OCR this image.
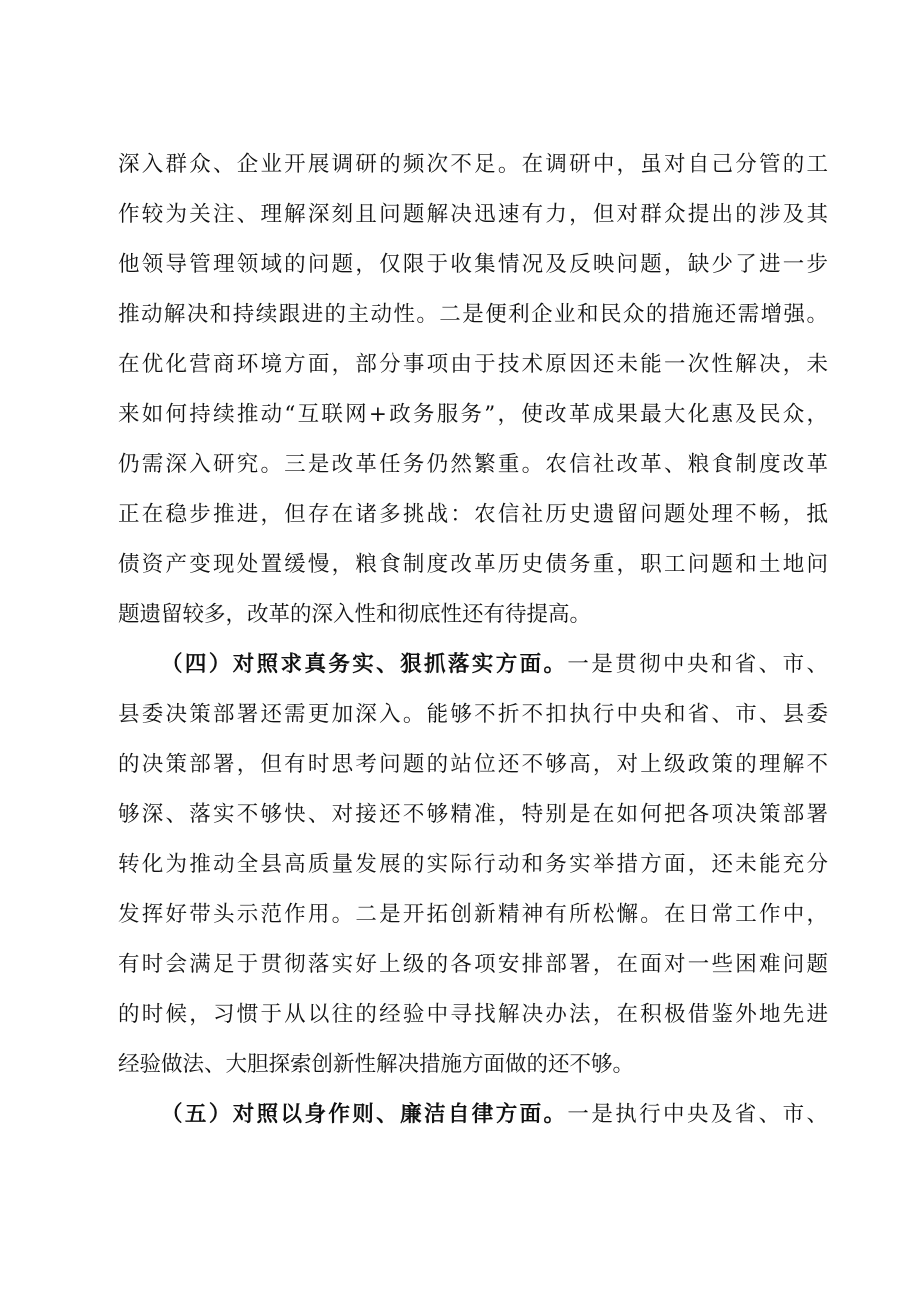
深入群众、企业开展调研的频次不足。在调研中，虽对自己分管的工
作较为关注、理解深刻且问题解决迅速有力，但对群众提出的涉及其
他领导管理领域的问题，仅限于收集情况及反映问题，缺少了进一步
推动解决和持续跟进的主动性。二是便利企业和民众的措施还需增强。
在优化营商环境方面，部分事项由于技术原因还未能一次性解决，未
来如何持续推动“互联网+政务服务”，使改革成果最大化惠及民众，
仍需深入研究。三是改革任务仍然繁重。农信社改革、粮食制度改革
正在稳步推进，但存在诸多挑战：农信社历史遗留问题处理不畅，抵
债资产变现处置缓慢，粮食制度改革历史债务重，职工问题和土地问
题遗留较多，改革的深入性和彻底性还有待提高。
（四）对照求真务实、狠抓落实方面。一是贯彻中央和省、市、
县委决策部署还需更加深入。能够不折不扣执行中央和省、市、县委
的决策部署，但有时思考问题的站位还不够高，对上级政策的理解不
够深、落实不够快、对接还不够精准，特别是在如何把各项决策部署
转化为推动全县高质量发展的实际行动和务实举措方面，还未能充分
发挥好带头示范作用。二是开拓创新精神有所松懈。在日常工作中，
有时会满足于贯彻落实好上级的各项安排部署，在面对一些困难问题
的时候，习惯于从以往的经验中寻找解决办法，在积极借鉴外地先进
经验做法、大胆探索创新性解决措施方面做的还不够。
（五）对照以身作则、廉洁自律方面。一是执行中央及省、市、
